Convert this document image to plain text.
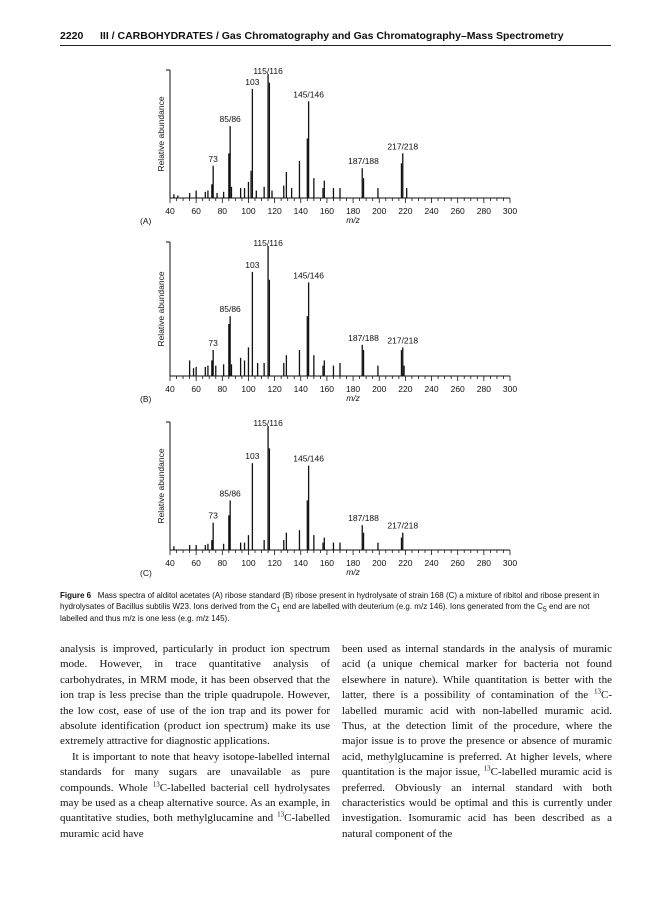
2220 III / CARBOHYDRATES / Gas Chromatography and Gas Chromatography–Mass Spectrometry
40 60 80 100 120 140 160 180 200 220 240 260 280 300
m/z
Relative abundance
(A)
73
85/86
103
115/116
145/146
187/188
217/218
40 60 80 100 120 140 160 180 200 220 240 260 280 300
m/z
Relative abundance
(B)
73
85/86
103
115/116
145/146
187/188 217/218
40 60 80 100 120 140 160 180 200 220 240 260 280 300
m/z
Relative abundance
(C)
73
85/86
103
115/116
145/146
187/188
217/218
Figure 6 Mass spectra of alditol acetates (A) ribose standard (B) ribose present in hydrolysate of strain 168 (C) a mixture of ribitol and ribose present in hydrolysates of Bacillus subtilis W23. Ions derived from the $C_1$ end are labelled with deuterium (e.g. m/z 146). Ions generated from the $C_5$ end are not labelled and thus m/z is one less (e.g. m/z 145).

analysis is improved, particularly in product ion spectrum mode. However, in trace quantitative analysis of carbohydrates, in MRM mode, it has been observed that the ion trap is less precise than the triple quadrupole. However, the low cost, ease of use of the ion trap and its power for absolute identification (product ion spectrum) make its use extremely attractive for diagnostic applications.

It is important to note that heavy isotope-labelled internal standards for many sugars are unavailable as pure compounds. Whole $^{13}$C-labelled bacterial cell hydrolysates may be used as a cheap alternative source. As an example, in quantitative studies, both methylglucamine and $^{13}$C-labelled muramic acid have

been used as internal standards in the analysis of muramic acid (a unique chemical marker for bacteria not found elsewhere in nature). While quantitation is better with the latter, there is a possibility of contamination of the $^{13}$C-labelled muramic acid with non-labelled muramic acid. Thus, at the detection limit of the procedure, where the major issue is to prove the presence or absence of muramic acid, methylglucamine is preferred. At higher levels, where quantitation is the major issue, $^{13}$C-labelled muramic acid is preferred. Obviously an internal standard with both characteristics would be optimal and this is currently under investigation. Isomuramic acid has been described as a natural component of the
